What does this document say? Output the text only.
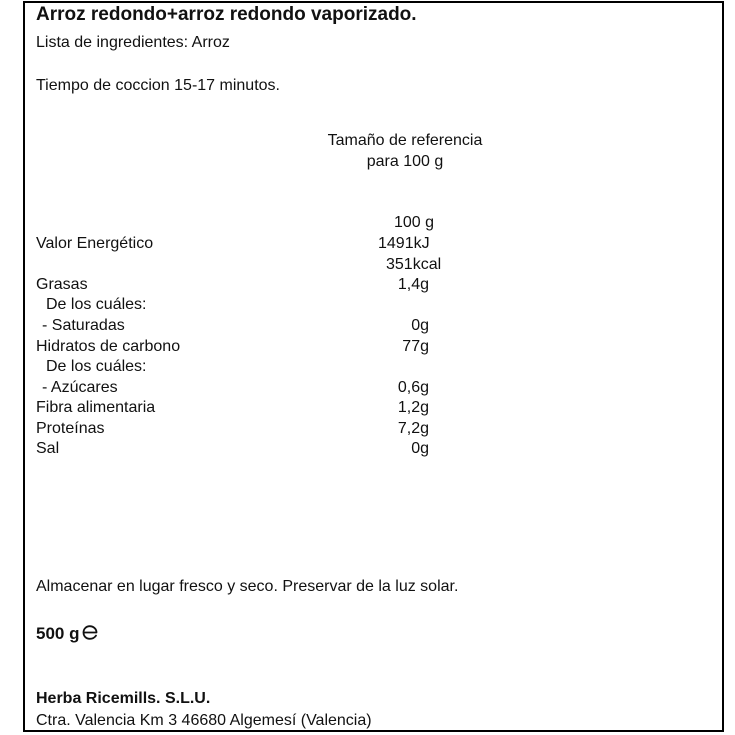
Arroz redondo+arroz redondo vaporizado.
Lista de ingredientes: Arroz
Tiempo de coccion 15-17 minutos.
Tamaño de referencia
para 100 g
100 g
Valor Energético	1491kJ
351kcal
Grasas	1,4g
De los cuáles:
- Saturadas	0g
Hidratos de carbono	77g
De los cuáles:
- Azúcares	0,6g
Fibra alimentaria	1,2g
Proteínas	7,2g
Sal	0g
Almacenar en lugar fresco y seco. Preservar de la luz solar.
500 g
Herba Ricemills. S.L.U.
Ctra. Valencia Km 3 46680 Algemesí (Valencia)
